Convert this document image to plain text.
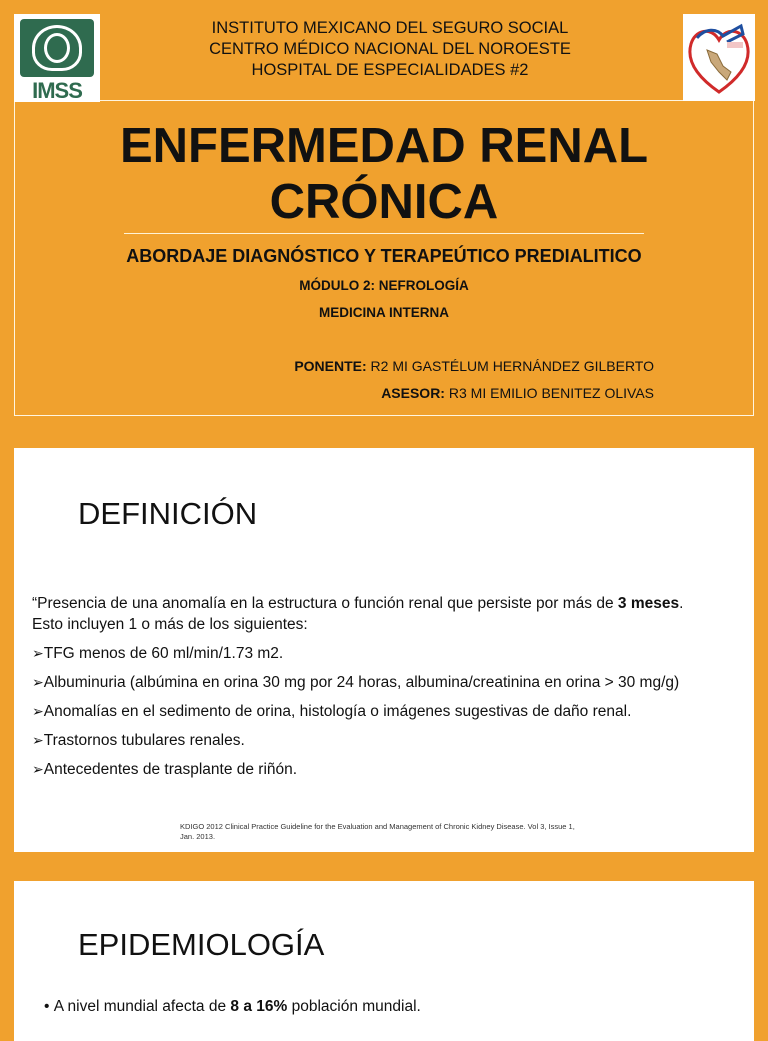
IMSS
INSTITUTO MEXICANO DEL SEGURO SOCIAL
CENTRO MÉDICO NACIONAL DEL NOROESTE
HOSPITAL DE ESPECIALIDADES #2
ENFERMEDAD RENAL
CRÓNICA
ABORDAJE DIAGNÓSTICO Y TERAPEÚTICO PREDIALITICO
MÓDULO 2: NEFROLOGÍA
MEDICINA INTERNA
PONENTE: R2 MI GASTÉLUM HERNÁNDEZ GILBERTO
ASESOR: R3 MI EMILIO BENITEZ OLIVAS
DEFINICIÓN

“Presencia de una anomalía en la estructura o función renal que persiste por más de 3 meses. Esto incluyen 1 o más de los siguientes:

➢TFG menos de 60 ml/min/1.73 m2.

➢Albuminuria (albúmina en orina 30 mg por 24 horas, albumina/creatinina en orina > 30 mg/g)

➢Anomalías en el sedimento de orina, histología o imágenes sugestivas de daño renal.

➢Trastornos tubulares renales.

➢Antecedentes de trasplante de riñón.

KDIGO 2012 Clinical Practice Guideline for the Evaluation and Management of Chronic Kidney Disease. Vol 3, Issue 1, Jan. 2013.
EPIDEMIOLOGÍA
• A nivel mundial afecta de 8 a 16% población mundial.
